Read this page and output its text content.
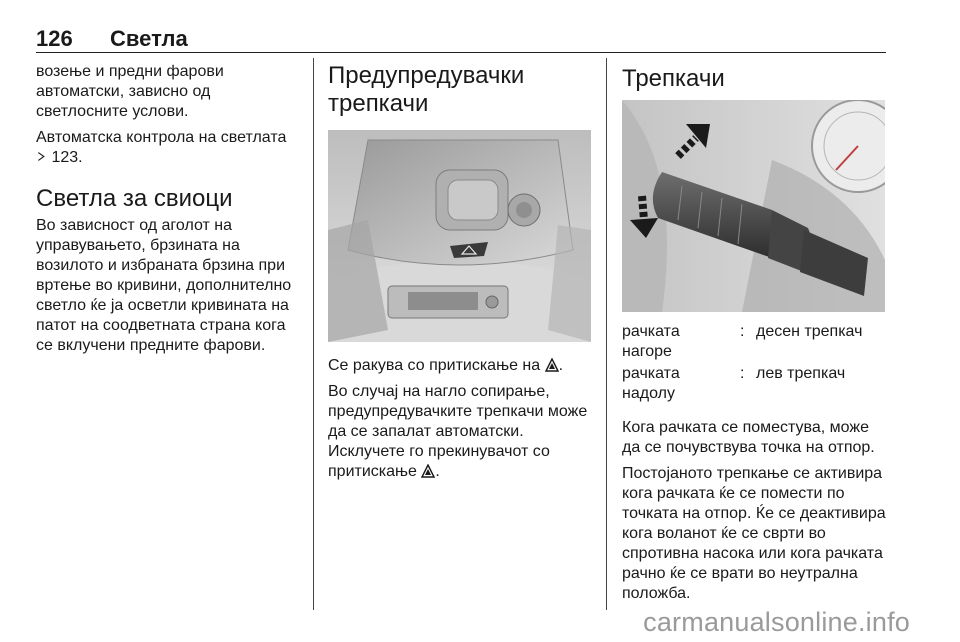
126 Светла

возење и предни фарови
автоматски, зависно од
светлосните услови.

Автоматска контрола на светлата
123.

Светла за свиоци

Во зависност од аголот на
управувањето, брзината на
возилото и избраната брзина при
вртење во кривини, дополнително
светло ќе ја осветли кривината на
патот на соодветната страна кога
се вклучени предните фарови.

Предупредувачки
трепкачи

Се ракува со притискање на .

Во случај на нагло сопирање,
предупредувачките трепкачи може
да се запалат автоматски.
Исклучете го прекинувачот со
притискање .

Трепкачи
рачката
нагоре
: десен трепкач
рачката
надолу
: лев трепкач

Кога рачката се поместува, може
да се почувствува точка на отпор.

Постојаното трепкање се активира
кога рачката ќе се помести по
точката на отпор. Ќе се деактивира
кога воланот ќе се сврти во
спротивна насока или кога рачката
рачно ќе се врати во неутрална
положба.

carmanualsonline.info
